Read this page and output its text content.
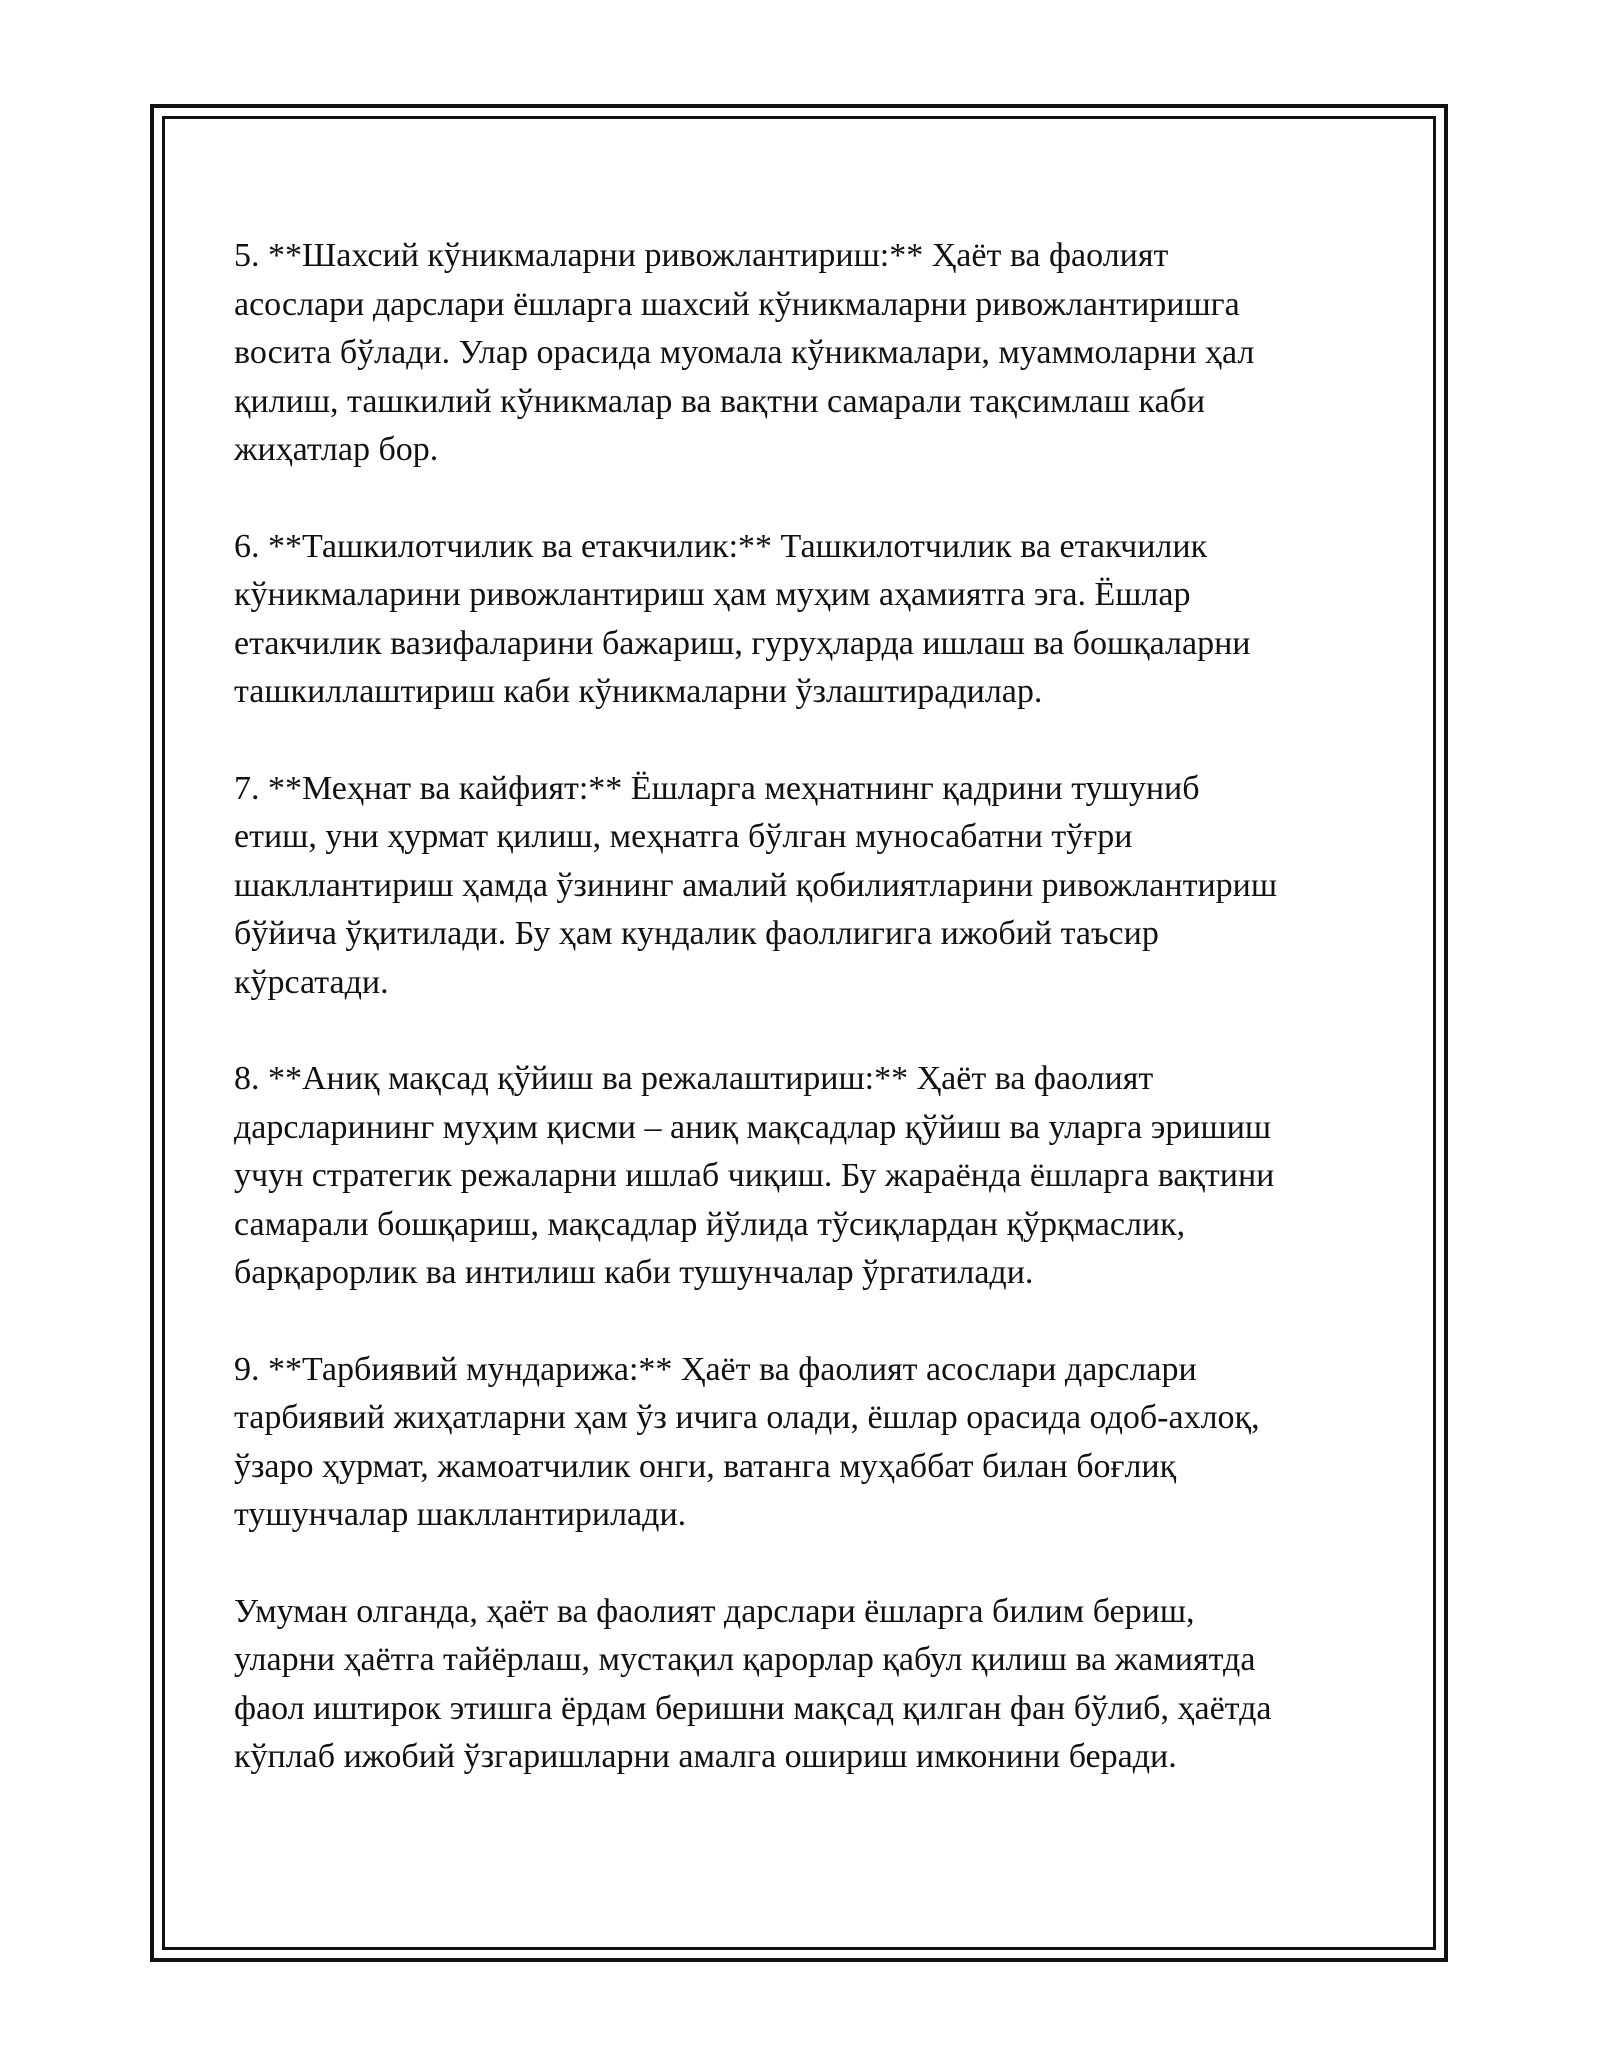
5. **Шахсий кўникмаларни ривожлантириш:** Ҳаёт ва фаолият
асослари дарслари ёшларга шахсий кўникмаларни ривожлантиришга
восита бўлади. Улар орасида муомала кўникмалари, муаммоларни ҳал
қилиш, ташкилий кўникмалар ва вақтни самарали тақсимлаш каби
жиҳатлар бор.

6. **Ташкилотчилик ва етакчилик:** Ташкилотчилик ва етакчилик
кўникмаларини ривожлантириш ҳам муҳим аҳамиятга эга. Ёшлар
етакчилик вазифаларини бажариш, гуруҳларда ишлаш ва бошқаларни
ташкиллаштириш каби кўникмаларни ўзлаштирадилар.

7. **Меҳнат ва кайфият:** Ёшларга меҳнатнинг қадрини тушуниб
етиш, уни ҳурмат қилиш, меҳнатга бўлган муносабатни тўғри
шакллантириш ҳамда ўзининг амалий қобилиятларини ривожлантириш
бўйича ўқитилади. Бу ҳам кундалик фаоллигига ижобий таъсир
кўрсатади.

8. **Аниқ мақсад қўйиш ва режалаштириш:** Ҳаёт ва фаолият
дарсларининг муҳим қисми – аниқ мақсадлар қўйиш ва уларга эришиш
учун стратегик режаларни ишлаб чиқиш. Бу жараёнда ёшларга вақтини
самарали бошқариш, мақсадлар йўлида тўсиқлардан қўрқмаслик,
барқарорлик ва интилиш каби тушунчалар ўргатилади.

9. **Тарбиявий мундарижа:** Ҳаёт ва фаолият асослари дарслари
тарбиявий жиҳатларни ҳам ўз ичига олади, ёшлар орасида одоб-ахлоқ,
ўзаро ҳурмат, жамоатчилик онги, ватанга муҳаббат билан боғлиқ
тушунчалар шакллантирилади.

Умуман олганда, ҳаёт ва фаолият дарслари ёшларга билим бериш,
уларни ҳаётга тайёрлаш, мустақил қарорлар қабул қилиш ва жамиятда
фаол иштирок этишга ёрдам беришни мақсад қилган фан бўлиб, ҳаётда
кўплаб ижобий ўзгаришларни амалга ошириш имконини беради.
